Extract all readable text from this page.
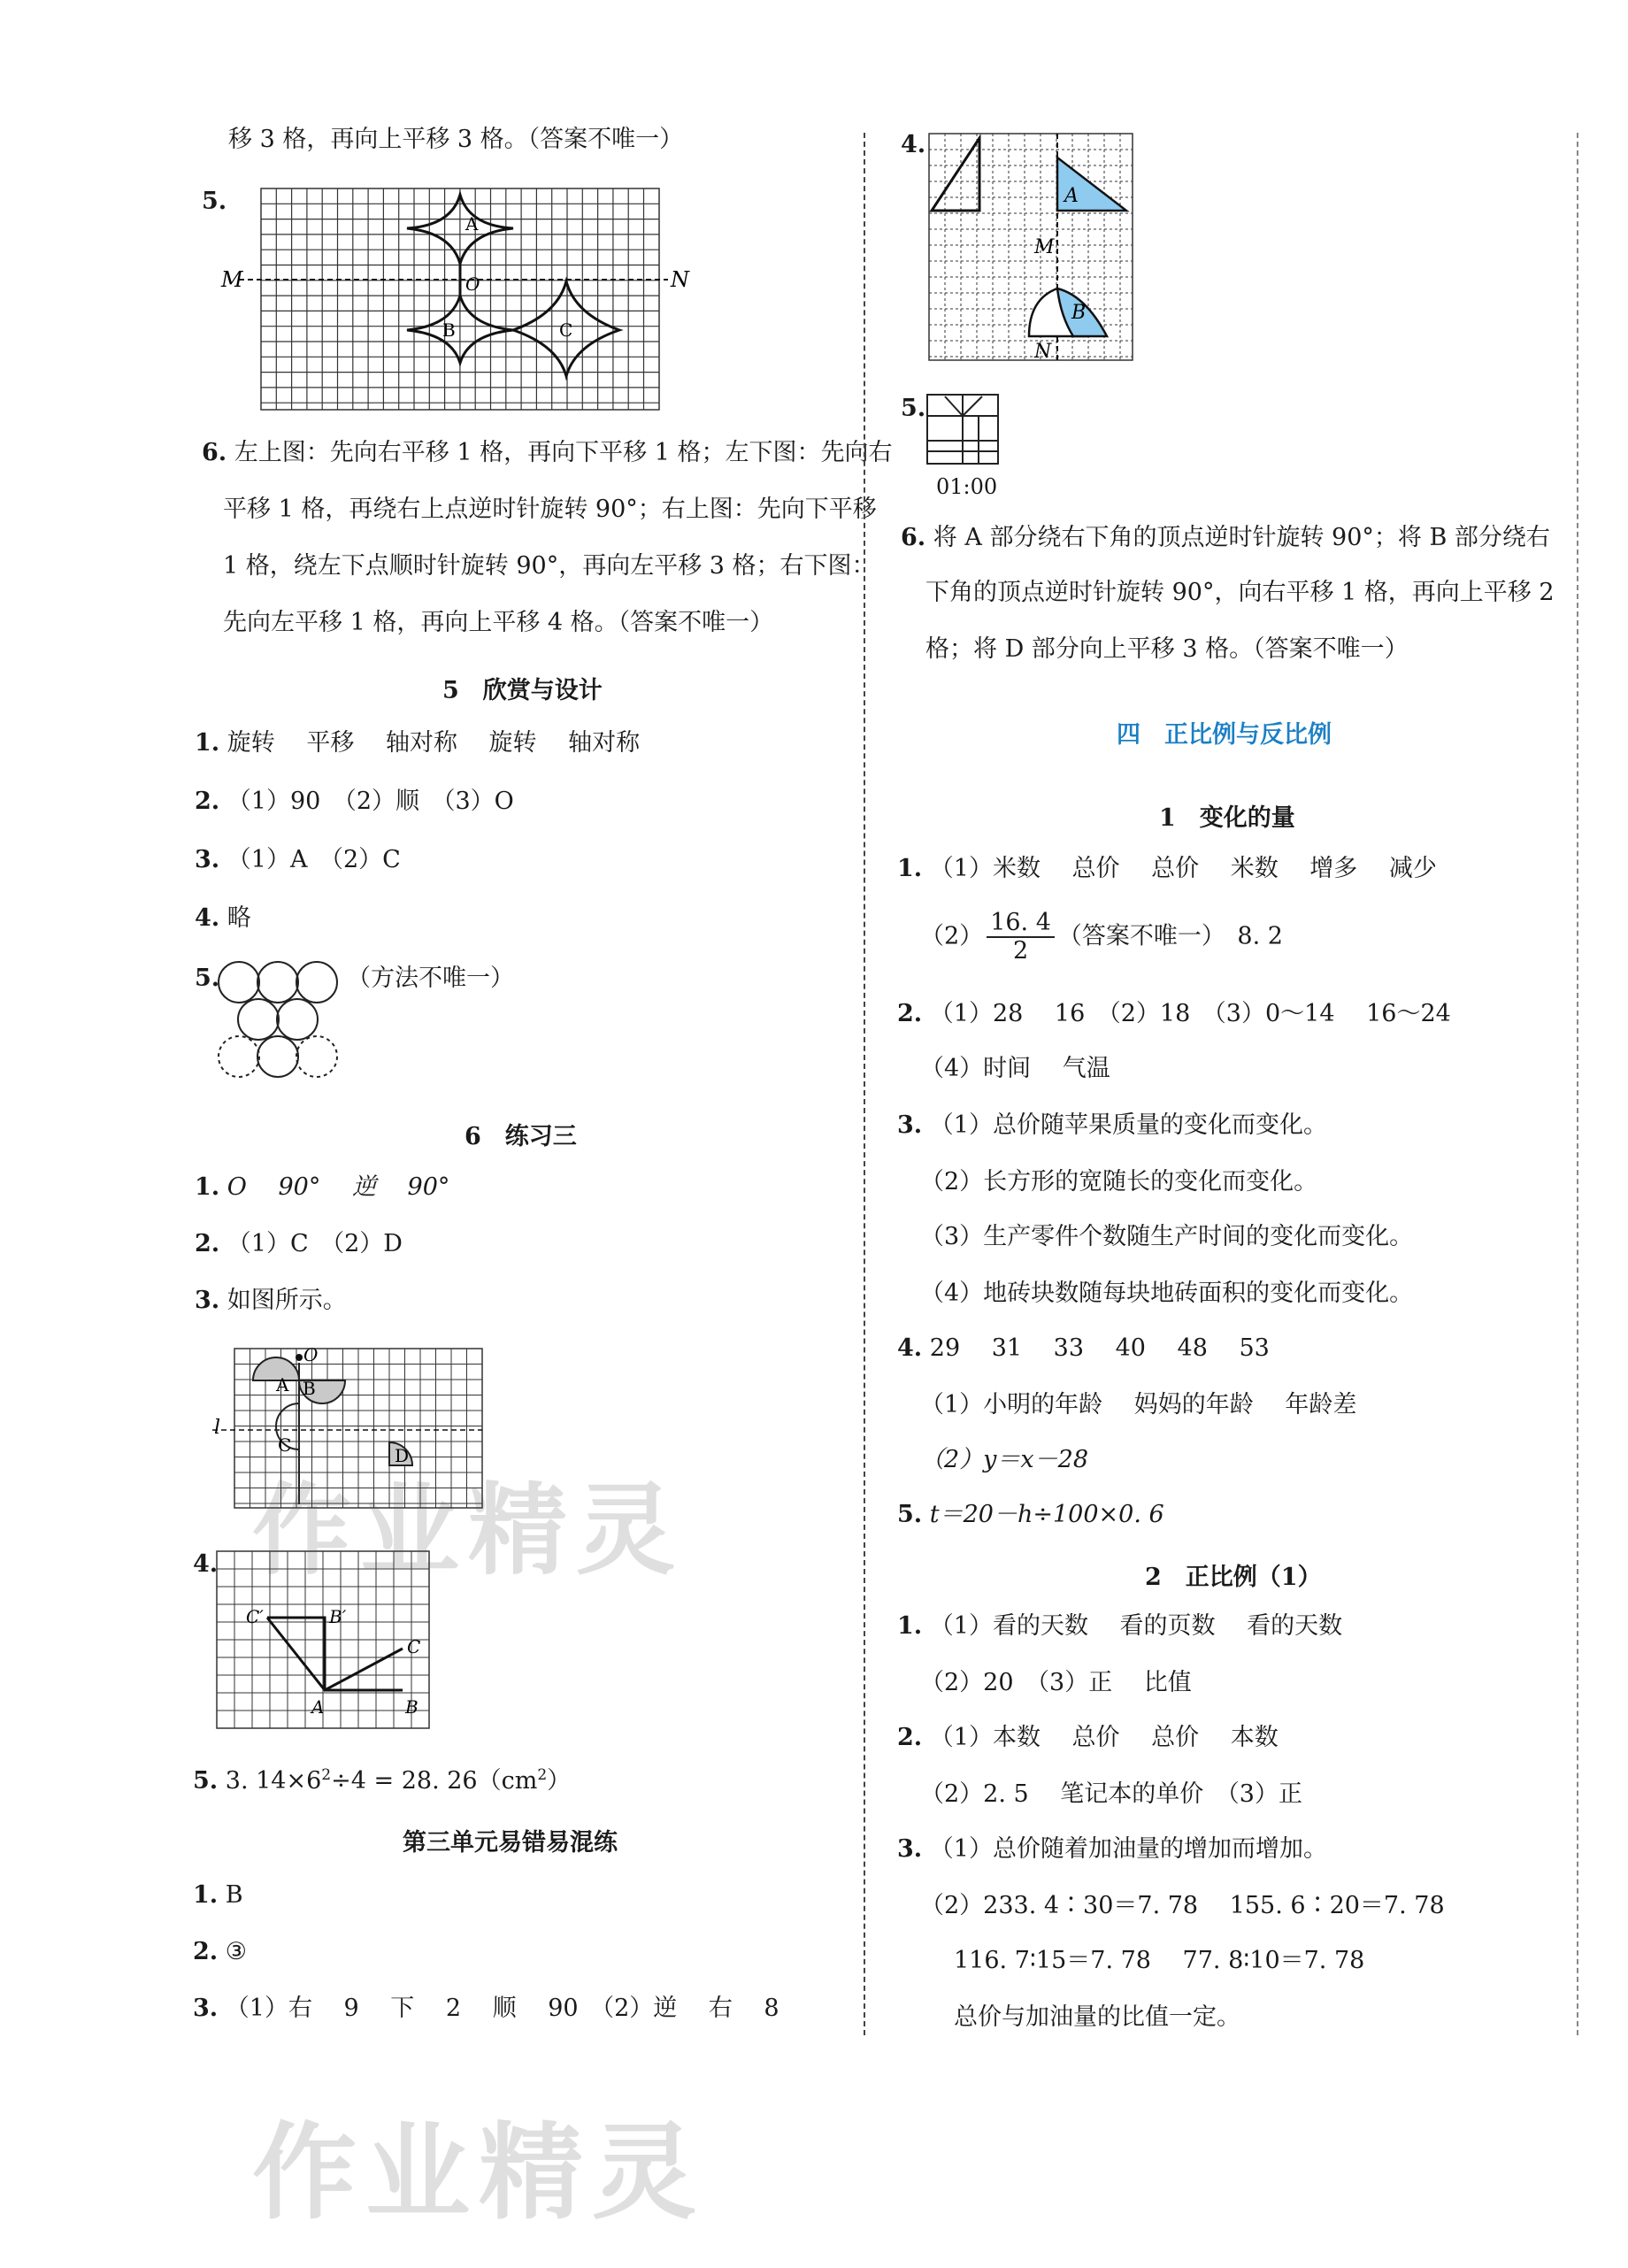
移 3 格，再向上平移 3 格。（答案不唯一）
5.
M	N
A
O
B	C
6. 左上图：先向右平移 1 格，再向下平移 1 格；左下图：先向右
平移 1 格，再绕右上点逆时针旋转 90°；右上图：先向下平移
1 格，绕左下点顺时针旋转 90°，再向左平移 3 格；右下图：
先向左平移 1 格，再向上平移 4 格。（答案不唯一）
5　欣赏与设计
1. 旋转　 平移　 轴对称　 旋转　 轴对称
2. （1）90　（2）顺　（3）O
3. （1）A　（2）C
4. 略
5.	（方法不唯一）
6　练习三
1. O　 90°　 逆　 90°
2. （1）C　（2）D
3. 如图所示。
O
A B
C	D
l
4.
C′	B′
C
A	B
5. 3. $14\times 6^2\div 4 = 28$. $26(cm^2)$
第三单元易错易混练
1. B
2. ③
3. （1）右　 9　 下　 2　 顺　 90　（2）逆　 右　 8
4.
A
M
B
N
5.
01:00
6. 将 A 部分绕右下角的顶点逆时针旋转 90°；将 B 部分绕右
下角的顶点逆时针旋转 90°，向右平移 1 格，再向上平移 2
格；将 D 部分向上平移 3 格。（答案不唯一）
四　正比例与反比例
1　变化的量
1. （1）米数　 总价　 总价　 米数　 增多　 减少
$(2) \frac{16. 4}{2}$ （答案不唯一）　8. 2
2. （1）28　 16　（2）18　（3）0～14　 16～24
（4）时间　 气温
3. （1）总价随苹果质量的变化而变化。
（2）长方形的宽随长的变化而变化。
（3）生产零件个数随生产时间的变化而变化。
（4）地砖块数随每块地砖面积的变化而变化。
4. 29　 31　 33　 40　 48　 53
（1）小明的年龄　 妈妈的年龄　 年龄差
（2）y＝x－28
5. t＝20－h÷100×0. 6
2　正比例（1）
1. （1）看的天数　 看的页数　 看的天数
（2）20　（3）正　 比值
2. （1）本数　 总价　 总价　 本数
（2）2. 5　 笔记本的单价　（3）正
3. （1）总价随着加油量的增加而增加。
（2）233. 4∶30＝7. 78　 155. 6∶20＝7. 78
116. 7∶15＝7. 78　 77. 8∶10＝7. 78
总价与加油量的比值一定。
作业精灵
作业精灵
